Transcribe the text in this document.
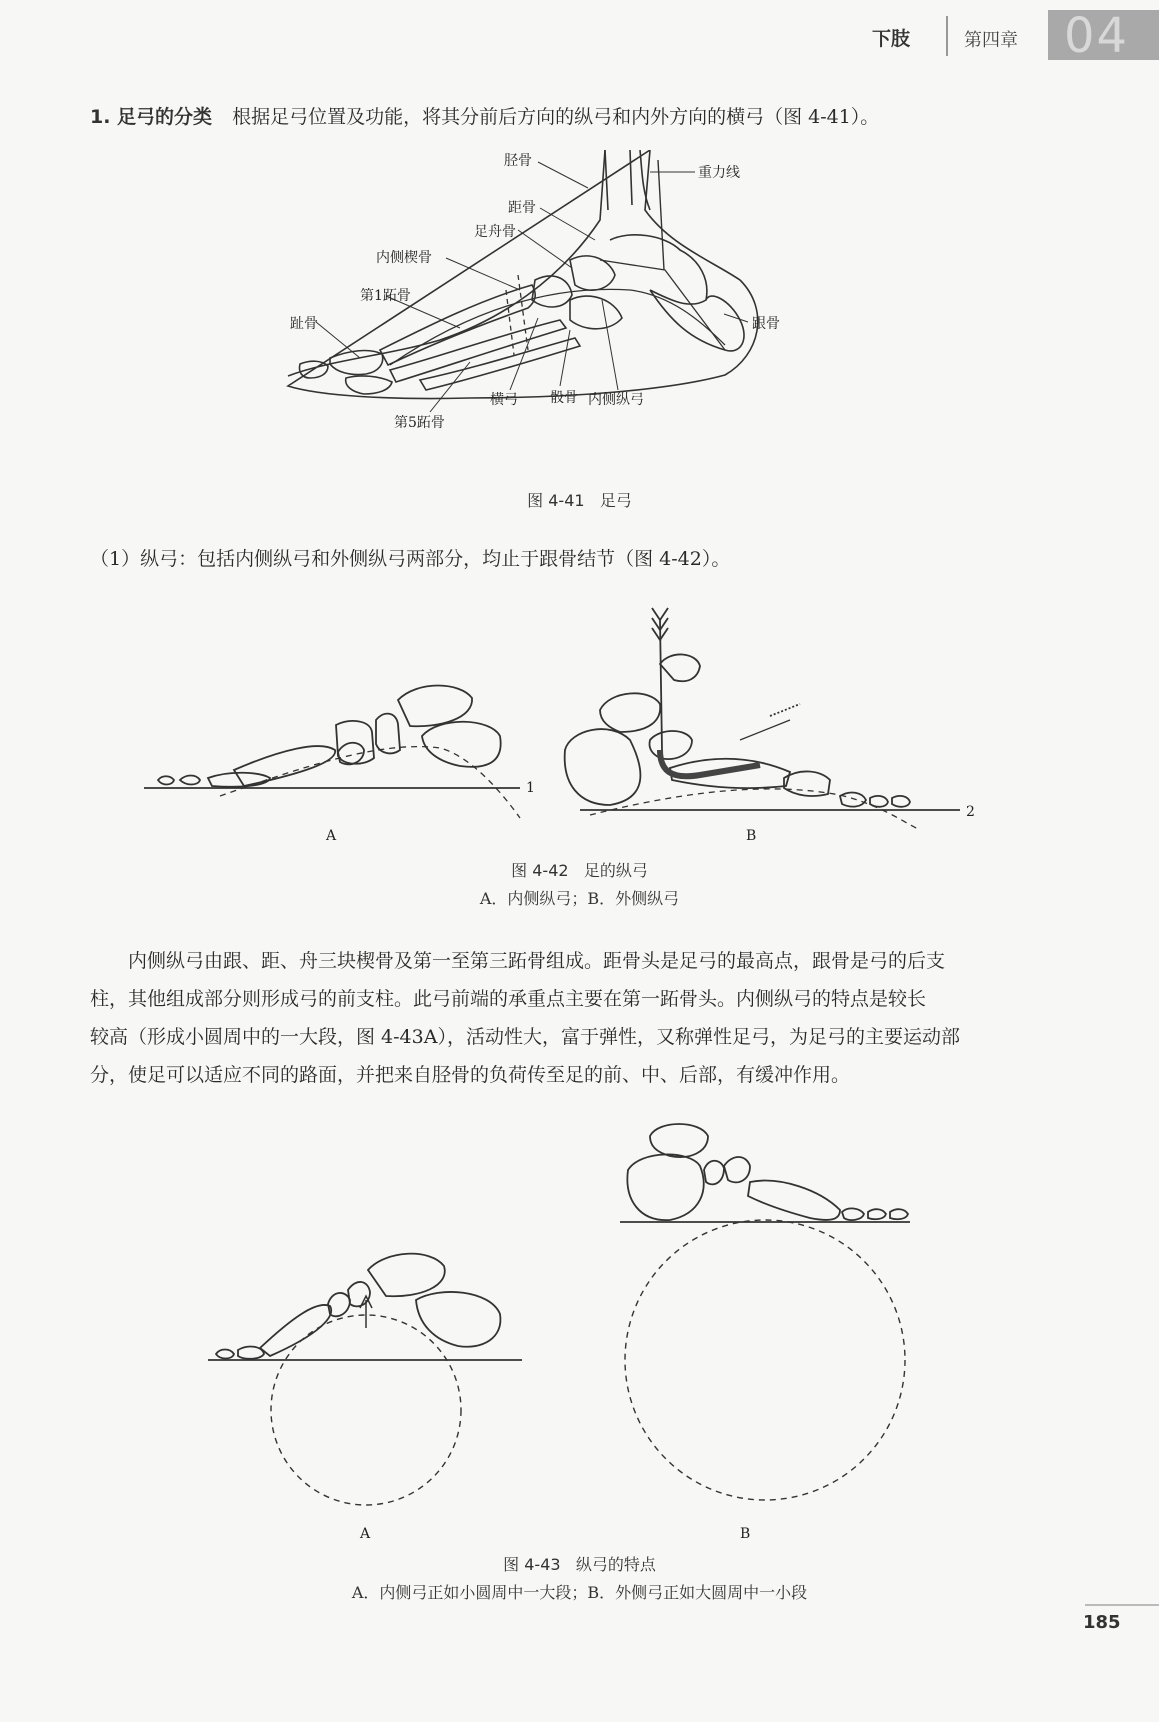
下肢	第四章 04
1. 足弓的分类 根据足弓位置及功能，将其分前后方向的纵弓和内外方向的横弓（图 4-41）。
胫骨
重力线
距骨
足舟骨
内侧楔骨
第1跖骨
趾骨	跟骨
横弓 骰骨 内侧纵弓
第5跖骨
图 4-41 足弓
（1）纵弓：包括内侧纵弓和外侧纵弓两部分，均止于跟骨结节（图 4-42）。
1
2
A	B
图 4-42 足的纵弓
A．内侧纵弓；B．外侧纵弓
内侧纵弓由跟、距、舟三块楔骨及第一至第三跖骨组成。距骨头是足弓的最高点，跟骨是弓的后支
柱，其他组成部分则形成弓的前支柱。此弓前端的承重点主要在第一跖骨头。内侧纵弓的特点是较长
较高（形成小圆周中的一大段，图 4-43A），活动性大，富于弹性，又称弹性足弓，为足弓的主要运动部
分，使足可以适应不同的路面，并把来自胫骨的负荷传至足的前、中、后部，有缓冲作用。
A	B
图 4-43 纵弓的特点
A．内侧弓正如小圆周中一大段；B．外侧弓正如大圆周中一小段
185
